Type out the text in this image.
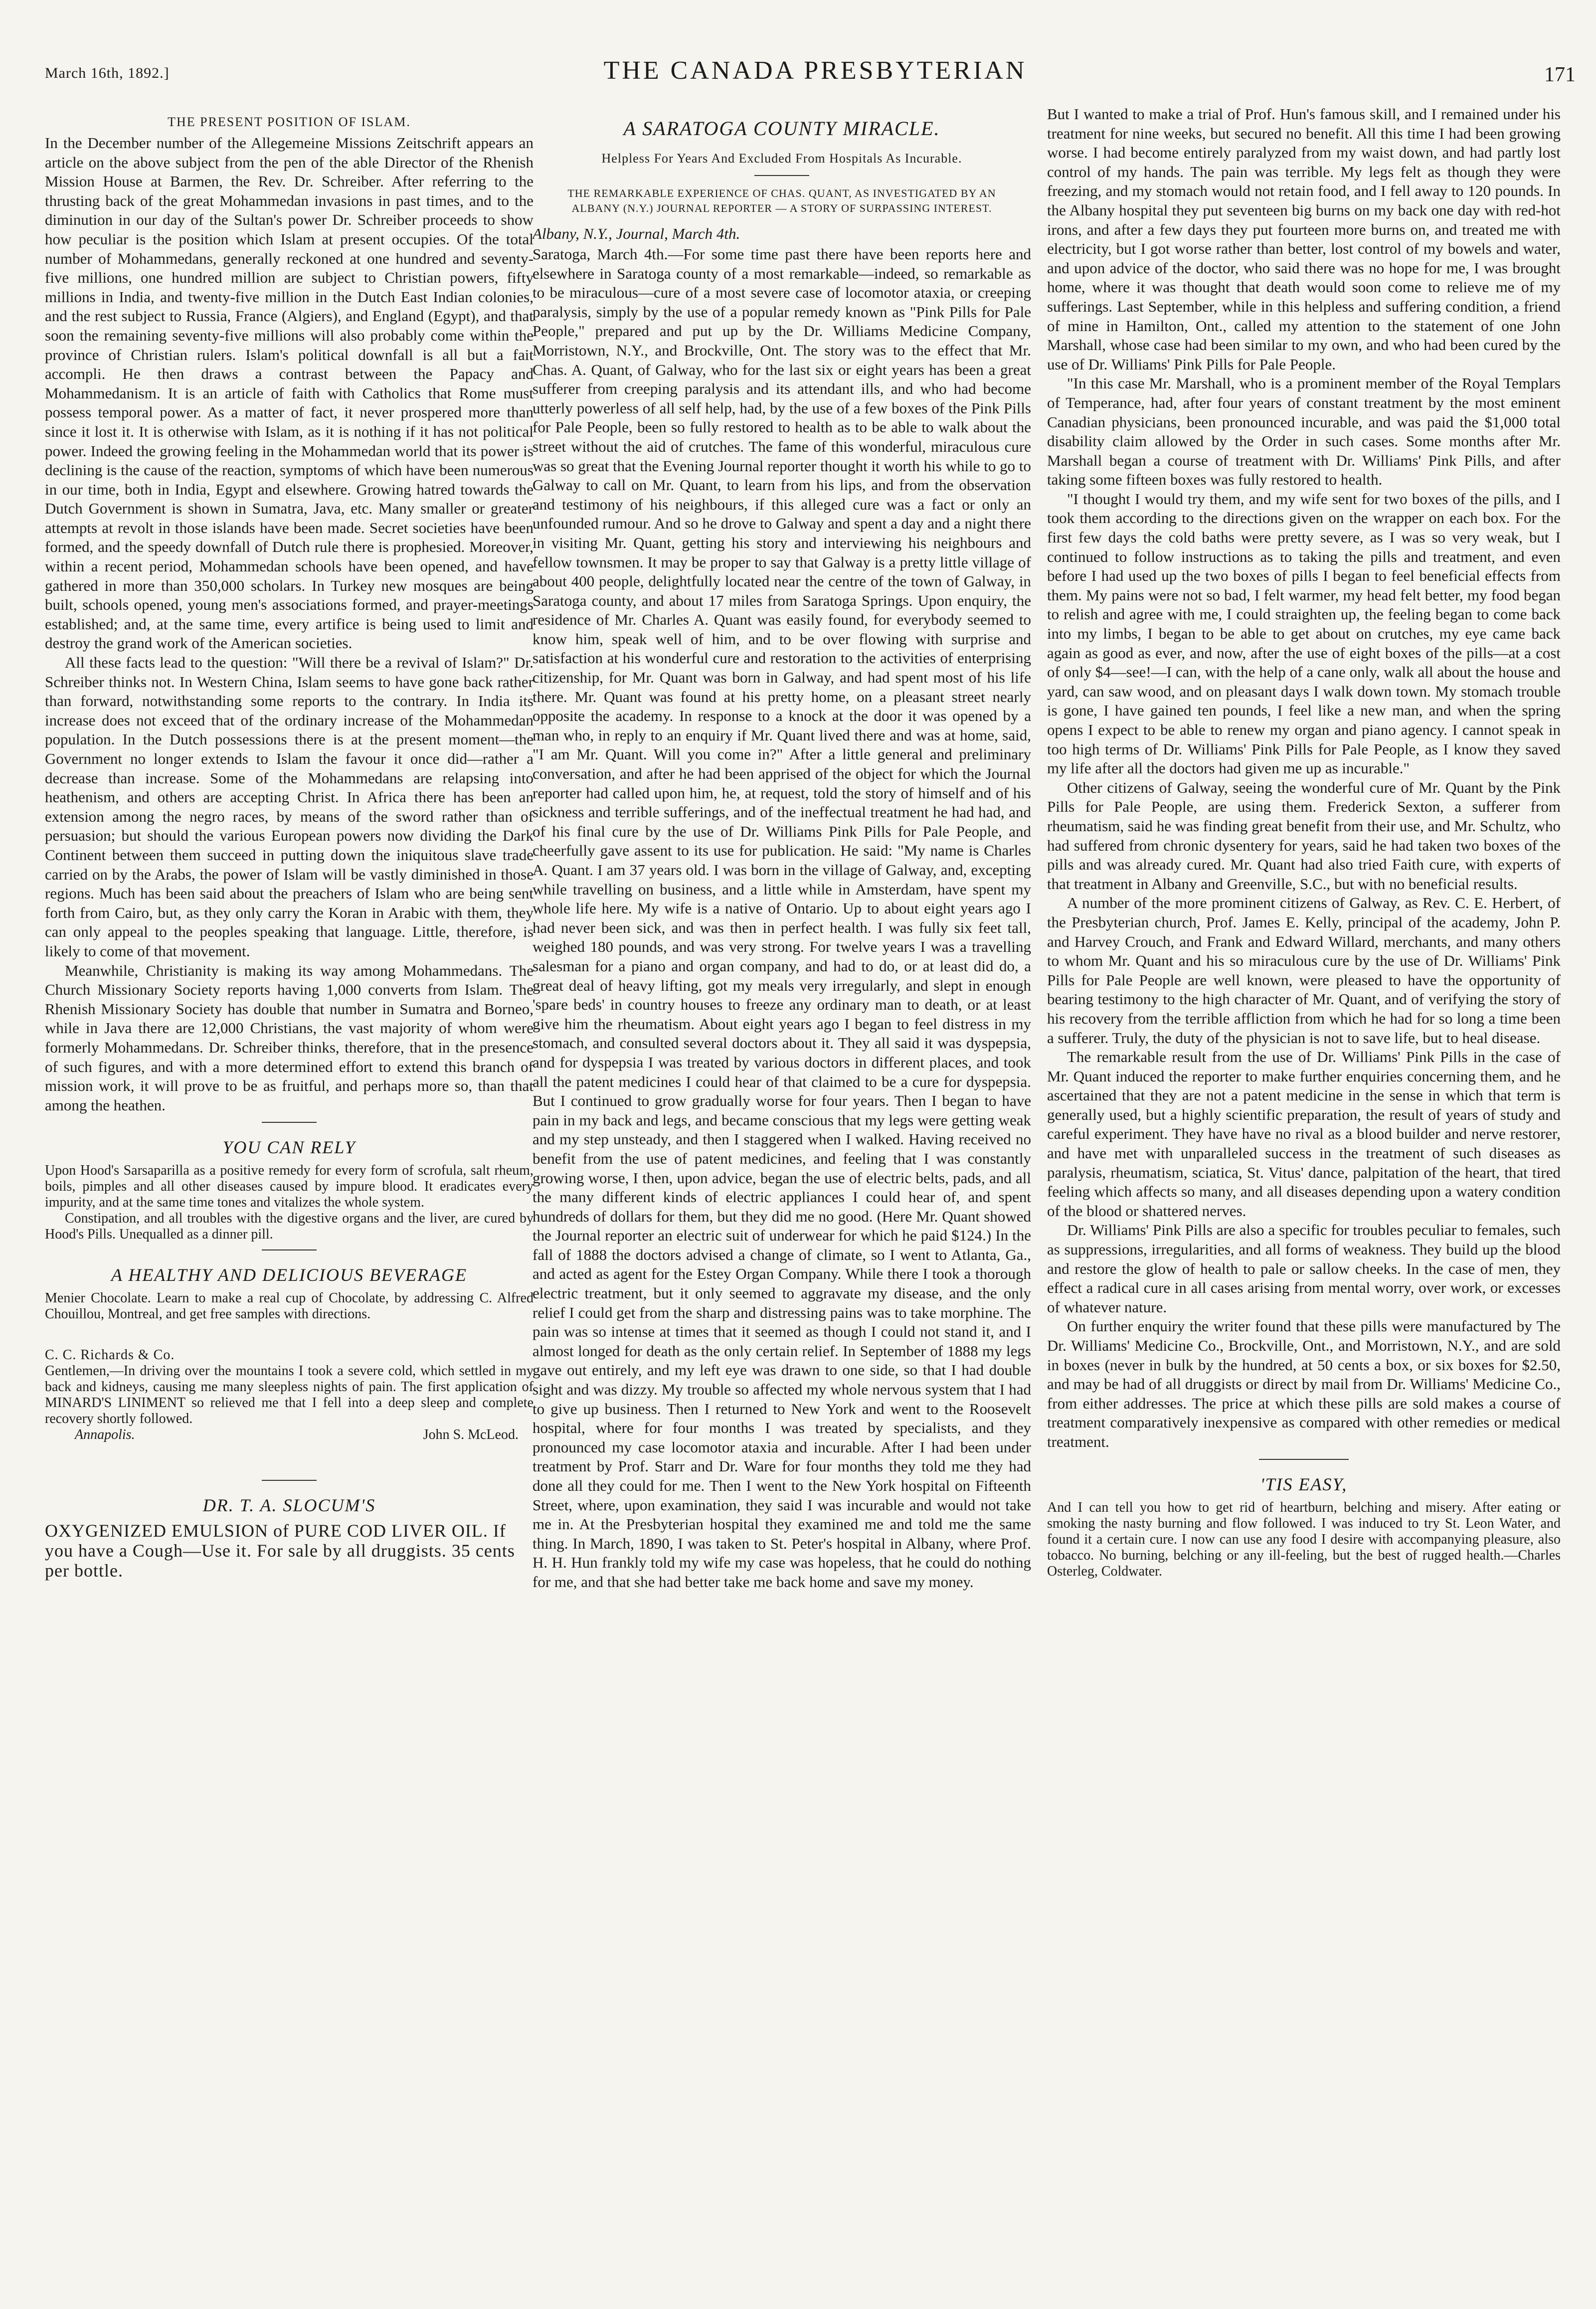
March 16th, 1892.]	THE CANADA PRESBYTERIAN	171
THE PRESENT POSITION OF ISLAM.

In the December number of the Allegemeine Missions Zeitschrift appears an article on the above subject from the pen of the able Director of the Rhenish Mission House at Barmen, the Rev. Dr. Schreiber. After referring to the thrusting back of the great Mohammedan invasions in past times, and to the diminution in our day of the Sultan's power Dr. Schreiber proceeds to show how peculiar is the position which Islam at present occupies. Of the total number of Mohammedans, generally reckoned at one hundred and seventy-five millions, one hundred million are subject to Christian powers, fifty millions in India, and twenty-five million in the Dutch East Indian colonies, and the rest subject to Russia, France (Algiers), and England (Egypt), and that soon the remaining seventy-five millions will also probably come within the province of Christian rulers. Islam's political downfall is all but a fait accompli. He then draws a contrast between the Papacy and Mohammedanism. It is an article of faith with Catholics that Rome must possess temporal power. As a matter of fact, it never prospered more than since it lost it. It is otherwise with Islam, as it is nothing if it has not political power. Indeed the growing feeling in the Mohammedan world that its power is declining is the cause of the reaction, symptoms of which have been numerous in our time, both in India, Egypt and elsewhere. Growing hatred towards the Dutch Government is shown in Sumatra, Java, etc. Many smaller or greater attempts at revolt in those islands have been made. Secret societies have been formed, and the speedy downfall of Dutch rule there is prophesied. Moreover, within a recent period, Mohammedan schools have been opened, and have gathered in more than 350,000 scholars. In Turkey new mosques are being built, schools opened, young men's associations formed, and prayer-meetings established; and, at the same time, every artifice is being used to limit and destroy the grand work of the American societies.

All these facts lead to the question: "Will there be a revival of Islam?" Dr. Schreiber thinks not. In Western China, Islam seems to have gone back rather than forward, notwithstanding some reports to the contrary. In India its increase does not exceed that of the ordinary increase of the Mohammedan population. In the Dutch possessions there is at the present moment—the Government no longer extends to Islam the favour it once did—rather a decrease than increase. Some of the Mohammedans are relapsing into heathenism, and others are accepting Christ. In Africa there has been an extension among the negro races, by means of the sword rather than of persuasion; but should the various European powers now dividing the Dark Continent between them succeed in putting down the iniquitous slave trade carried on by the Arabs, the power of Islam will be vastly diminished in those regions. Much has been said about the preachers of Islam who are being sent forth from Cairo, but, as they only carry the Koran in Arabic with them, they can only appeal to the peoples speaking that language. Little, therefore, is likely to come of that movement.

Meanwhile, Christianity is making its way among Mohammedans. The Church Missionary Society reports having 1,000 converts from Islam. The Rhenish Missionary Society has double that number in Sumatra and Borneo, while in Java there are 12,000 Christians, the vast majority of whom were formerly Mohammedans. Dr. Schreiber thinks, therefore, that in the presence of such figures, and with a more determined effort to extend this branch of mission work, it will prove to be as fruitful, and perhaps more so, than that among the heathen.

YOU CAN RELY

Upon Hood's Sarsaparilla as a positive remedy for every form of scrofula, salt rheum, boils, pimples and all other diseases caused by impure blood. It eradicates every impurity, and at the same time tones and vitalizes the whole system.

Constipation, and all troubles with the digestive organs and the liver, are cured by Hood's Pills. Unequalled as a dinner pill.

A HEALTHY AND DELICIOUS BEVERAGE

Menier Chocolate. Learn to make a real cup of Chocolate, by addressing C. Alfred Chouillou, Montreal, and get free samples with directions.

C. C. Richards & Co.

Gentlemen,—In driving over the mountains I took a severe cold, which settled in my back and kidneys, causing me many sleepless nights of pain. The first application of MINARD'S LINIMENT so relieved me that I fell into a deep sleep and complete recovery shortly followed.

Annapolis.	John S. McLeod.
DR. T. A. SLOCUM'S

OXYGENIZED EMULSION of PURE COD LIVER OIL. If you have a Cough—Use it. For sale by all druggists. 35 cents per bottle.

A SARATOGA COUNTY MIRACLE.
Helpless For Years And Excluded From Hospitals As Incurable.
THE REMARKABLE EXPERIENCE OF CHAS. QUANT, AS INVESTIGATED BY AN ALBANY (N.Y.) JOURNAL REPORTER — A STORY OF SURPASSING INTEREST.
Albany, N.Y., Journal, March 4th.

Saratoga, March 4th.—For some time past there have been reports here and elsewhere in Saratoga county of a most remarkable—indeed, so remarkable as to be miraculous—cure of a most severe case of locomotor ataxia, or creeping paralysis, simply by the use of a popular remedy known as "Pink Pills for Pale People," prepared and put up by the Dr. Williams Medicine Company, Morristown, N.Y., and Brockville, Ont. The story was to the effect that Mr. Chas. A. Quant, of Galway, who for the last six or eight years has been a great sufferer from creeping paralysis and its attendant ills, and who had become utterly powerless of all self help, had, by the use of a few boxes of the Pink Pills for Pale People, been so fully restored to health as to be able to walk about the street without the aid of crutches. The fame of this wonderful, miraculous cure was so great that the Evening Journal reporter thought it worth his while to go to Galway to call on Mr. Quant, to learn from his lips, and from the observation and testimony of his neighbours, if this alleged cure was a fact or only an unfounded rumour. And so he drove to Galway and spent a day and a night there in visiting Mr. Quant, getting his story and interviewing his neighbours and fellow townsmen. It may be proper to say that Galway is a pretty little village of about 400 people, delightfully located near the centre of the town of Galway, in Saratoga county, and about 17 miles from Saratoga Springs. Upon enquiry, the residence of Mr. Charles A. Quant was easily found, for everybody seemed to know him, speak well of him, and to be over flowing with surprise and satisfaction at his wonderful cure and restoration to the activities of enterprising citizenship, for Mr. Quant was born in Galway, and had spent most of his life there. Mr. Quant was found at his pretty home, on a pleasant street nearly opposite the academy. In response to a knock at the door it was opened by a man who, in reply to an enquiry if Mr. Quant lived there and was at home, said, "I am Mr. Quant. Will you come in?" After a little general and preliminary conversation, and after he had been apprised of the object for which the Journal reporter had called upon him, he, at request, told the story of himself and of his sickness and terrible sufferings, and of the ineffectual treatment he had had, and of his final cure by the use of Dr. Williams Pink Pills for Pale People, and cheerfully gave assent to its use for publication. He said: "My name is Charles A. Quant. I am 37 years old. I was born in the village of Galway, and, excepting while travelling on business, and a little while in Amsterdam, have spent my whole life here. My wife is a native of Ontario. Up to about eight years ago I had never been sick, and was then in perfect health. I was fully six feet tall, weighed 180 pounds, and was very strong. For twelve years I was a travelling salesman for a piano and organ company, and had to do, or at least did do, a great deal of heavy lifting, got my meals very irregularly, and slept in enough 'spare beds' in country houses to freeze any ordinary man to death, or at least give him the rheumatism. About eight years ago I began to feel distress in my stomach, and consulted several doctors about it. They all said it was dyspepsia, and for dyspepsia I was treated by various doctors in different places, and took all the patent medicines I could hear of that claimed to be a cure for dyspepsia. But I continued to grow gradually worse for four years. Then I began to have pain in my back and legs, and became conscious that my legs were getting weak and my step unsteady, and then I staggered when I walked. Having received no benefit from the use of patent medicines, and feeling that I was constantly growing worse, I then, upon advice, began the use of electric belts, pads, and all the many different kinds of electric appliances I could hear of, and spent hundreds of dollars for them, but they did me no good. (Here Mr. Quant showed the Journal reporter an electric suit of underwear for which he paid $124.) In the fall of 1888 the doctors advised a change of climate, so I went to Atlanta, Ga., and acted as agent for the Estey Organ Company. While there I took a thorough electric treatment, but it only seemed to aggravate my disease, and the only relief I could get from the sharp and distressing pains was to take morphine. The pain was so intense at times that it seemed as though I could not stand it, and I almost longed for death as the only certain relief. In September of 1888 my legs gave out entirely, and my left eye was drawn to one side, so that I had double sight and was dizzy. My trouble so affected my whole nervous system that I had to give up business. Then I returned to New York and went to the Roosevelt hospital, where for four months I was treated by specialists, and they pronounced my case locomotor ataxia and incurable. After I had been under treatment by Prof. Starr and Dr. Ware for four months they told me they had done all they could for me. Then I went to the New York hospital on Fifteenth Street, where, upon examination, they said I was incurable and would not take me in. At the Presbyterian hospital they examined me and told me the same thing. In March, 1890, I was taken to St. Peter's hospital in Albany, where Prof. H. H. Hun frankly told my wife my case was hopeless, that he could do nothing for me, and that she had better take me back home and save my money.

But I wanted to make a trial of Prof. Hun's famous skill, and I remained under his treatment for nine weeks, but secured no benefit. All this time I had been growing worse. I had become entirely paralyzed from my waist down, and had partly lost control of my hands. The pain was terrible. My legs felt as though they were freezing, and my stomach would not retain food, and I fell away to 120 pounds. In the Albany hospital they put seventeen big burns on my back one day with red-hot irons, and after a few days they put fourteen more burns on, and treated me with electricity, but I got worse rather than better, lost control of my bowels and water, and upon advice of the doctor, who said there was no hope for me, I was brought home, where it was thought that death would soon come to relieve me of my sufferings. Last September, while in this helpless and suffering condition, a friend of mine in Hamilton, Ont., called my attention to the statement of one John Marshall, whose case had been similar to my own, and who had been cured by the use of Dr. Williams' Pink Pills for Pale People.

"In this case Mr. Marshall, who is a prominent member of the Royal Templars of Temperance, had, after four years of constant treatment by the most eminent Canadian physicians, been pronounced incurable, and was paid the $1,000 total disability claim allowed by the Order in such cases. Some months after Mr. Marshall began a course of treatment with Dr. Williams' Pink Pills, and after taking some fifteen boxes was fully restored to health.

"I thought I would try them, and my wife sent for two boxes of the pills, and I took them according to the directions given on the wrapper on each box. For the first few days the cold baths were pretty severe, as I was so very weak, but I continued to follow instructions as to taking the pills and treatment, and even before I had used up the two boxes of pills I began to feel beneficial effects from them. My pains were not so bad, I felt warmer, my head felt better, my food began to relish and agree with me, I could straighten up, the feeling began to come back into my limbs, I began to be able to get about on crutches, my eye came back again as good as ever, and now, after the use of eight boxes of the pills—at a cost of only $4—see!—I can, with the help of a cane only, walk all about the house and yard, can saw wood, and on pleasant days I walk down town. My stomach trouble is gone, I have gained ten pounds, I feel like a new man, and when the spring opens I expect to be able to renew my organ and piano agency. I cannot speak in too high terms of Dr. Williams' Pink Pills for Pale People, as I know they saved my life after all the doctors had given me up as incurable."

Other citizens of Galway, seeing the wonderful cure of Mr. Quant by the Pink Pills for Pale People, are using them. Frederick Sexton, a sufferer from rheumatism, said he was finding great benefit from their use, and Mr. Schultz, who had suffered from chronic dysentery for years, said he had taken two boxes of the pills and was already cured. Mr. Quant had also tried Faith cure, with experts of that treatment in Albany and Greenville, S.C., but with no beneficial results.

A number of the more prominent citizens of Galway, as Rev. C. E. Herbert, of the Presbyterian church, Prof. James E. Kelly, principal of the academy, John P. and Harvey Crouch, and Frank and Edward Willard, merchants, and many others to whom Mr. Quant and his so miraculous cure by the use of Dr. Williams' Pink Pills for Pale People are well known, were pleased to have the opportunity of bearing testimony to the high character of Mr. Quant, and of verifying the story of his recovery from the terrible affliction from which he had for so long a time been a sufferer. Truly, the duty of the physician is not to save life, but to heal disease.

The remarkable result from the use of Dr. Williams' Pink Pills in the case of Mr. Quant induced the reporter to make further enquiries concerning them, and he ascertained that they are not a patent medicine in the sense in which that term is generally used, but a highly scientific preparation, the result of years of study and careful experiment. They have have no rival as a blood builder and nerve restorer, and have met with unparalleled success in the treatment of such diseases as paralysis, rheumatism, sciatica, St. Vitus' dance, palpitation of the heart, that tired feeling which affects so many, and all diseases depending upon a watery condition of the blood or shattered nerves.

Dr. Williams' Pink Pills are also a specific for troubles peculiar to females, such as suppressions, irregularities, and all forms of weakness. They build up the blood and restore the glow of health to pale or sallow cheeks. In the case of men, they effect a radical cure in all cases arising from mental worry, over work, or excesses of whatever nature.

On further enquiry the writer found that these pills were manufactured by The Dr. Williams' Medicine Co., Brockville, Ont., and Morristown, N.Y., and are sold in boxes (never in bulk by the hundred, at 50 cents a box, or six boxes for $2.50, and may be had of all druggists or direct by mail from Dr. Williams' Medicine Co., from either addresses. The price at which these pills are sold makes a course of treatment comparatively inexpensive as compared with other remedies or medical treatment.

'TIS EASY,

And I can tell you how to get rid of heartburn, belching and misery. After eating or smoking the nasty burning and flow followed. I was induced to try St. Leon Water, and found it a certain cure. I now can use any food I desire with accompanying pleasure, also tobacco. No burning, belching or any ill-feeling, but the best of rugged health.—Charles Osterleg, Coldwater.
